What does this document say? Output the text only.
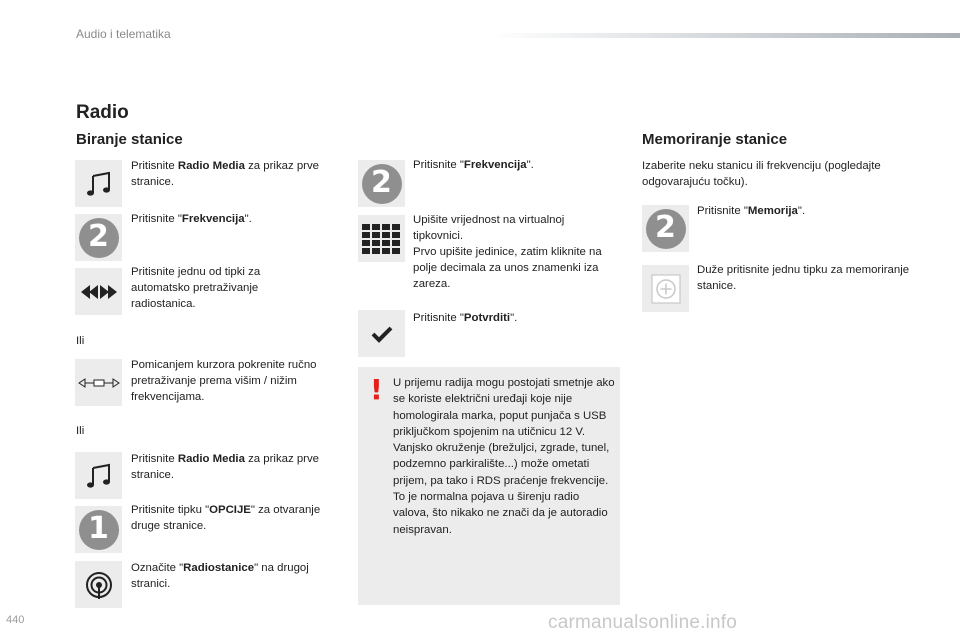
Audio i telematika
Radio
Biranje stanice
Pritisnite Radio Media za prikaz prve stranice.
2 Pritisnite "Frekvencija".
Pritisnite jednu od tipki za automatsko pretraživanje radiostanica.
Ili
Pomicanjem kurzora pokrenite ručno pretraživanje prema višim / nižim frekvencijama.
Ili
Pritisnite Radio Media za prikaz prve stranice.
1
Pritisnite tipku "OPCIJE" za otvaranje druge stranice.
Označite "Radiostanice" na drugoj stranici.
2 Pritisnite "Frekvencija".
Upišite vrijednost na virtualnoj tipkovnici.
Prvo upišite jedinice, zatim kliknite na polje decimala za unos znamenki iza zareza.
Pritisnite "Potvrditi".
! U prijemu radija mogu postojati smetnje ako se koriste električni uređaji koje nije homologirala marka, poput punjača s USB priključkom spojenim na utičnicu 12 V.
Vanjsko okruženje (brežuljci, zgrade, tunel, podzemno parkiralište...) može ometati prijem, pa tako i RDS praćenje frekvencije. To je normalna pojava u širenju radio valova, što nikako ne znači da je autoradio neispravan.
Memoriranje stanice
Izaberite neku stanicu ili frekvenciju (pogledajte odgovarajuću točku).
2 Pritisnite "Memorija".
Duže pritisnite jednu tipku za memoriranje stanice.
440	carmanualsonline.info
